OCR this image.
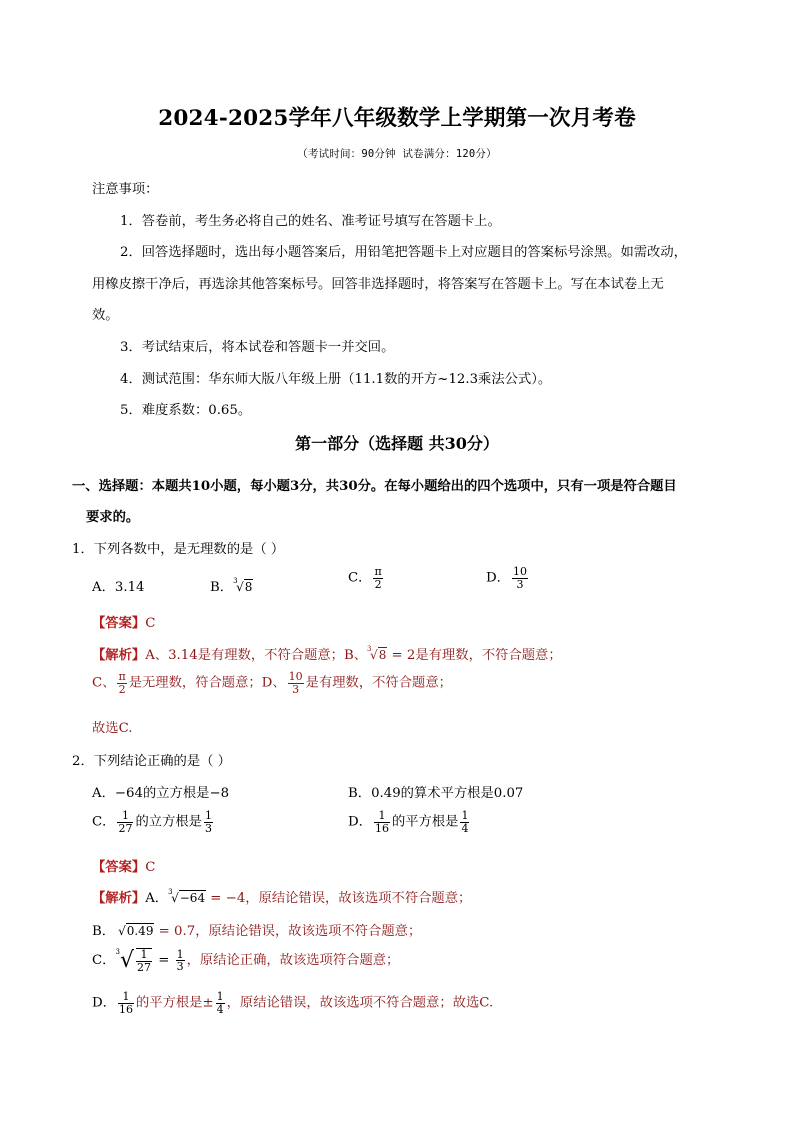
2024-2025学年八年级数学上学期第一次月考卷
（考试时间：90分钟 试卷满分：120分）
注意事项：
1．答卷前，考生务必将自己的姓名、准考证号填写在答题卡上。
2．回答选择题时，选出每小题答案后，用铅笔把答题卡上对应题目的答案标号涂黑。如需改动，
用橡皮擦干净后，再选涂其他答案标号。回答非选择题时，将答案写在答题卡上。写在本试卷上无
效。
3．考试结束后，将本试卷和答题卡一并交回。
4．测试范围：华东师大版八年级上册（11.1数的开方~12.3乘法公式）。
5．难度系数：0.65。
第一部分（选择题 共30分）
一、选择题：本题共10小题，每小题3分，共30分。在每小题给出的四个选项中，只有一项是符合题目
要求的。
1．下列各数中，是无理数的是（ ）
A．3.14	B． 3
√8
C． $\frac{\pi}{2}$	D． $\frac{10}{3}$
【答案】C
【解析】A、3.14是有理数，不符合题意；B、 3
√8 = 2是有理数，不符合题意；
C、 $\frac{\pi}{2}$ 是无理数，符合题意；D、 $\frac{10}{3}$ 是有理数，不符合题意；
故选C.
2．下列结论正确的是（ ）
A．−64的立方根是−8	B．0.49的算术平方根是0.07
C． $\frac{1}{27}$ 的立方根是 $\frac{1}{3}$	D． $\frac{1}{16}$ 的平方根是 $\frac{1}{4}$
【答案】C
【解析】A． 3
√−64 = −4，原结论错误，故该选项不符合题意；
B． √0.49 = 0.7，原结论错误，故该选项不符合题意；
C．$^3√ \frac{1}{27} = \frac{1}{3}$ ，原结论正确，故该选项符合题意；
D． $\frac{1}{16}$ 的平方根是± $\frac{1}{4}$ ，原结论错误，故该选项不符合题意；故选C.
